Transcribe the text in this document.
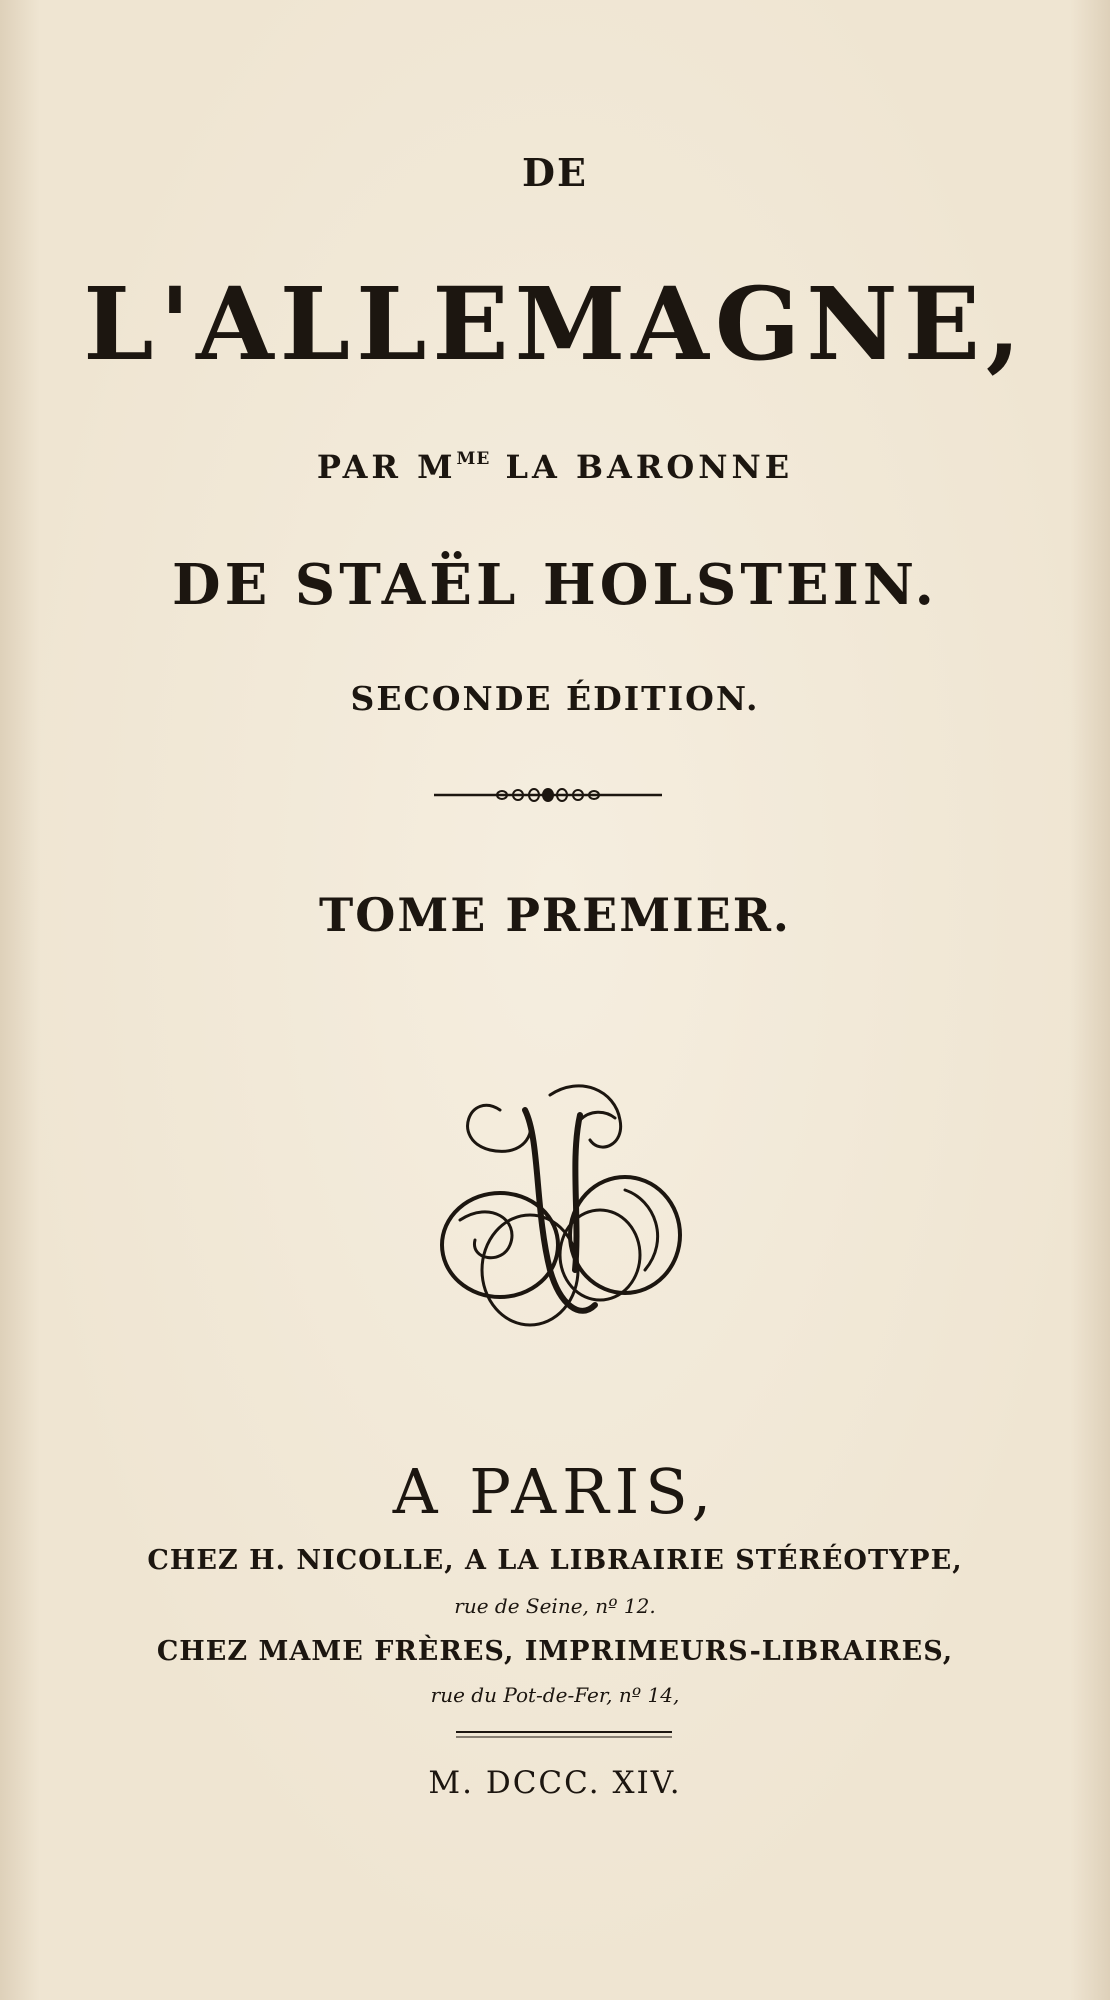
DE
L'ALLEMAGNE,
PAR $M^{ME}$ LA BARONNE
DE STAËL HOLSTEIN.
SECONDE ÉDITION.
TOME PREMIER.
A PARIS,
CHEZ H. NICOLLE, A LA LIBRAIRIE STÉRÉOTYPE,
rue de Seine, nº 12.
CHEZ MAME FRÈRES, IMPRIMEURS-LIBRAIRES,
rue du Pot-de-Fer, nº 14,
M. DCCC. XIV.
